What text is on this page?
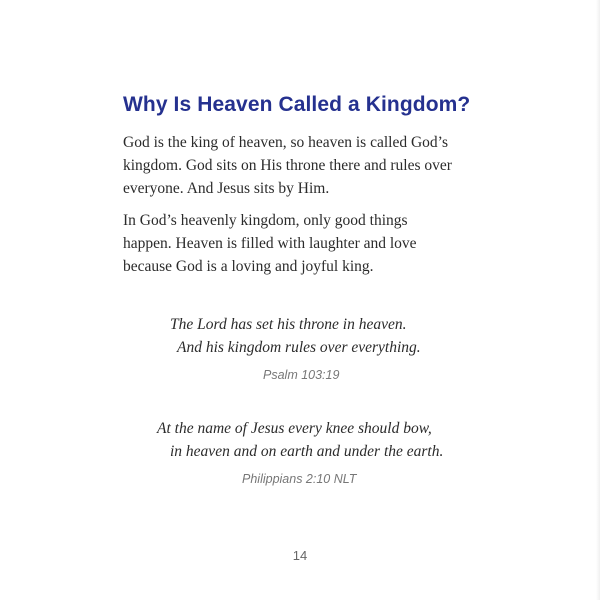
Why Is Heaven Called a Kingdom?

God is the king of heaven, so heaven is called God’s
kingdom. God sits on His throne there and rules over
everyone. And Jesus sits by Him.

In God’s heavenly kingdom, only good things
happen. Heaven is filled with laughter and love
because God is a loving and joyful king.

The Lord has set his throne in heaven.
And his kingdom rules over everything.
Psalm 103:19
At the name of Jesus every knee should bow,
in heaven and on earth and under the earth.
Philippians 2:10 NLT
14
